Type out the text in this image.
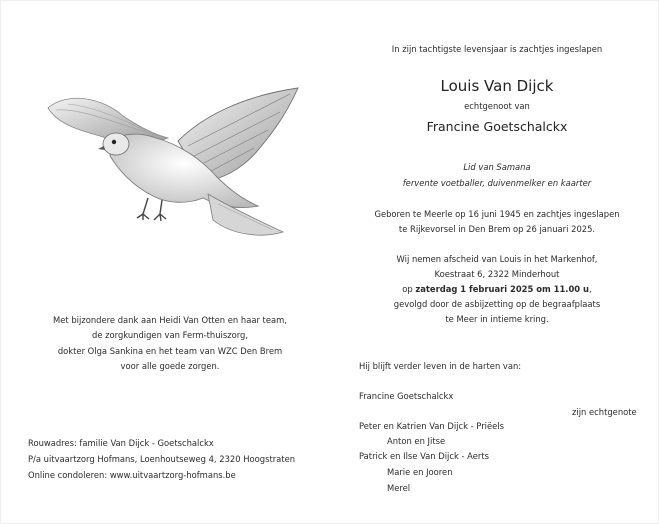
In zijn tachtigste levensjaar is zachtjes ingeslapen
Louis Van Dijck
echtgenoot van
Francine Goetschalckx
Lid van Samana
fervente voetballer, duivenmelker en kaarter
Geboren te Meerle op 16 juni 1945 en zachtjes ingeslapen
te Rijkevorsel in Den Brem op 26 januari 2025.
Wij nemen afscheid van Louis in het Markenhof,
Koestraat 6, 2322 Minderhout
op zaterdag 1 februari 2025 om 11.00 u,
gevolgd door de asbijzetting op de begraafplaats
te Meer in intieme kring.
Hij blijft verder leven in de harten van:
Francine Goetschalckx
zijn echtgenote
Peter en Katrien Van Dijck - Priëels
Anton en Jitse
Patrick en Ilse Van Dijck - Aerts
Marie en Jooren
Merel
Met bijzondere dank aan Heidi Van Otten en haar team,
de zorgkundigen van Ferm-thuiszorg,
dokter Olga Sankina en het team van WZC Den Brem
voor alle goede zorgen.
Rouwadres: familie Van Dijck - Goetschalckx
P/a uitvaartzorg Hofmans, Loenhoutseweg 4, 2320 Hoogstraten
Online condoleren: www.uitvaartzorg-hofmans.be
